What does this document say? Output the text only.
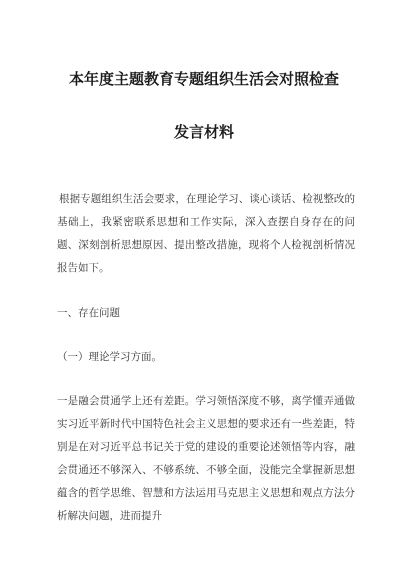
本年度主题教育专题组织生活会对照检查
发言材料

根据专题组织生活会要求，在理论学习、谈心谈话、检视整改的基础上，我紧密联系思想和工作实际，深入查摆自身存在的问题、深刻剖析思想原因、提出整改措施，现将个人检视剖析情况报告如下。

一、存在问题

（一）理论学习方面。

一是融会贯通学上还有差距。学习领悟深度不够，离学懂弄通做实习近平新时代中国特色社会主义思想的要求还有一些差距，特别是在对习近平总书记关于党的建设的重要论述领悟等内容，融会贯通还不够深入、不够系统、不够全面，没能完全掌握新思想蕴含的哲学思维、智慧和方法运用马克思主义思想和观点方法分析解决问题，进而提升
